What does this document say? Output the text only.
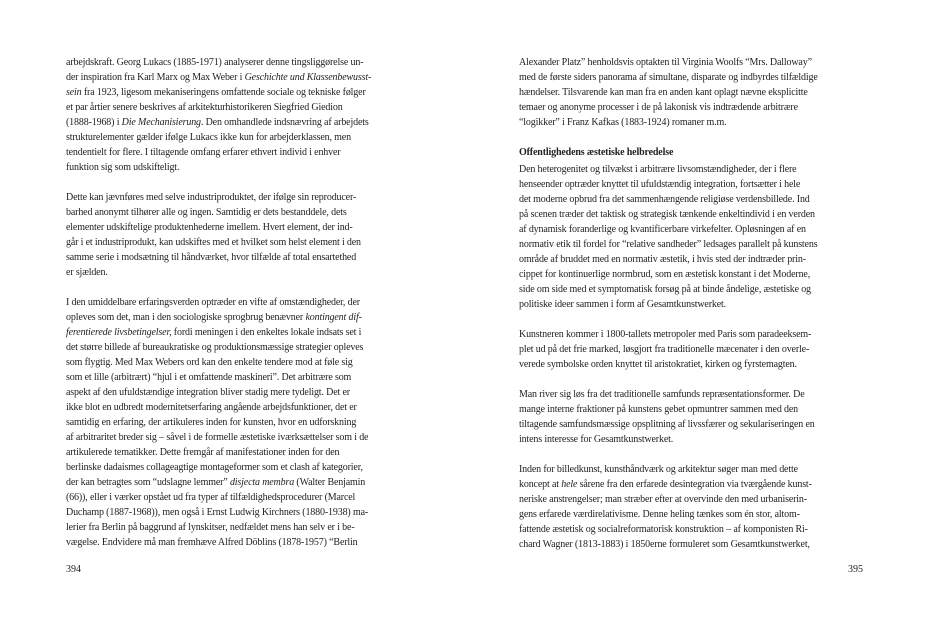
arbejdskraft. Georg Lukacs (1885-1971) analyserer denne tingsliggørelse un-
der inspiration fra Karl Marx og Max Weber i Geschichte und Klassenbewusst-
sein fra 1923, ligesom mekaniseringens omfattende sociale og tekniske følger
et par årtier senere beskrives af arkitekturhistorikeren Siegfried Giedion
(1888-1968) i Die Mechanisierung. Den omhandlede indsnævring af arbejdets
strukturelementer gælder ifølge Lukacs ikke kun for arbejderklassen, men
tendentielt for flere. I tiltagende omfang erfarer ethvert individ i enhver
funktion sig som udskifteligt.
Dette kan jævnføres med selve industriproduktet, der ifølge sin reproducer-
barhed anonymt tilhører alle og ingen. Samtidig er dets bestanddele, dets
elementer udskiftelige produktenhederne imellem. Hvert element, der ind-
går i et industriprodukt, kan udskiftes med et hvilket som helst element i den
samme serie i modsætning til håndværket, hvor tilfælde af total ensartethed
er sjælden.
I den umiddelbare erfaringsverden optræder en vifte af omstændigheder, der
opleves som det, man i den sociologiske sprogbrug benævner kontingent dif-
ferentierede livsbetingelser, fordi meningen i den enkeltes lokale indsats set i
det større billede af bureaukratiske og produktionsmæssige strategier opleves
som flygtig. Med Max Webers ord kan den enkelte tendere mod at føle sig
som et lille (arbitrært) “hjul i et omfattende maskineri”. Det arbitrære som
aspekt af den ufuldstændige integration bliver stadig mere tydeligt. Det er
ikke blot en udbredt modernitetserfaring angående arbejdsfunktioner, det er
samtidig en erfaring, der artikuleres inden for kunsten, hvor en udforskning
af arbitraritet breder sig – såvel i de formelle æstetiske iværksættelser som i de
artikulerede tematikker. Dette fremgår af manifestationer inden for den
berlinske dadaismes collageagtige montageformer som et clash af kategorier,
der kan betragtes som “udslagne lemmer” disjecta membra (Walter Benjamin
(66)), eller i værker opstået ud fra typer af tilfældighedsprocedurer (Marcel
Duchamp (1887-1968)), men også i Ernst Ludwig Kirchners (1880-1938) ma-
lerier fra Berlin på baggrund af lynskitser, nedfældet mens han selv er i be-
vægelse. Endvidere må man fremhæve Alfred Döblins (1878-1957) “Berlin
394
Alexander Platz” henholdsvis optakten til Virginia Woolfs “Mrs. Dalloway”
med de første siders panorama af simultane, disparate og indbyrdes tilfældige
hændelser. Tilsvarende kan man fra en anden kant oplagt nævne eksplicitte
temaer og anonyme processer i de på lakonisk vis indtrædende arbitrære
“logikker” i Franz Kafkas (1883-1924) romaner m.m.
Offentlighedens æstetiske helbredelse
Den heterogenitet og tilvækst i arbitrære livsomstændigheder, der i flere
henseender optræder knyttet til ufuldstændig integration, fortsætter i hele
det moderne opbrud fra det sammenhængende religiøse verdensbillede. Ind
på scenen træder det taktisk og strategisk tænkende enkeltindivid i en verden
af dynamisk foranderlige og kvantificerbare virkefelter. Opløsningen af en
normativ etik til fordel for “relative sandheder” ledsages parallelt på kunstens
område af bruddet med en normativ æstetik, i hvis sted der indtræder prin-
cippet for kontinuerlige normbrud, som en æstetisk konstant i det Moderne,
side om side med et symptomatisk forsøg på at binde åndelige, æstetiske og
politiske ideer sammen i form af Gesamtkunstwerket.
Kunstneren kommer i 1800-tallets metropoler med Paris som paradeeksem-
plet ud på det frie marked, løsgjort fra traditionelle mæcenater i den overle-
verede symbolske orden knyttet til aristokratiet, kirken og fyrstemagten.
Man river sig løs fra det traditionelle samfunds repræsentationsformer. De
mange interne fraktioner på kunstens gebet opmuntrer sammen med den
tiltagende samfundsmæssige opsplitning af livssfærer og sekulariseringen en
intens interesse for Gesamtkunstwerket.
Inden for billedkunst, kunsthåndværk og arkitektur søger man med dette
koncept at hele sårene fra den erfarede desintegration via tværgående kunst-
neriske anstrengelser; man stræber efter at overvinde den med urbaniserin-
gens erfarede værdirelativisme. Denne heling tænkes som én stor, altom-
fattende æstetisk og socialreformatorisk konstruktion – af komponisten Ri-
chard Wagner (1813-1883) i 1850erne formuleret som Gesamtkunstwerket,
395
